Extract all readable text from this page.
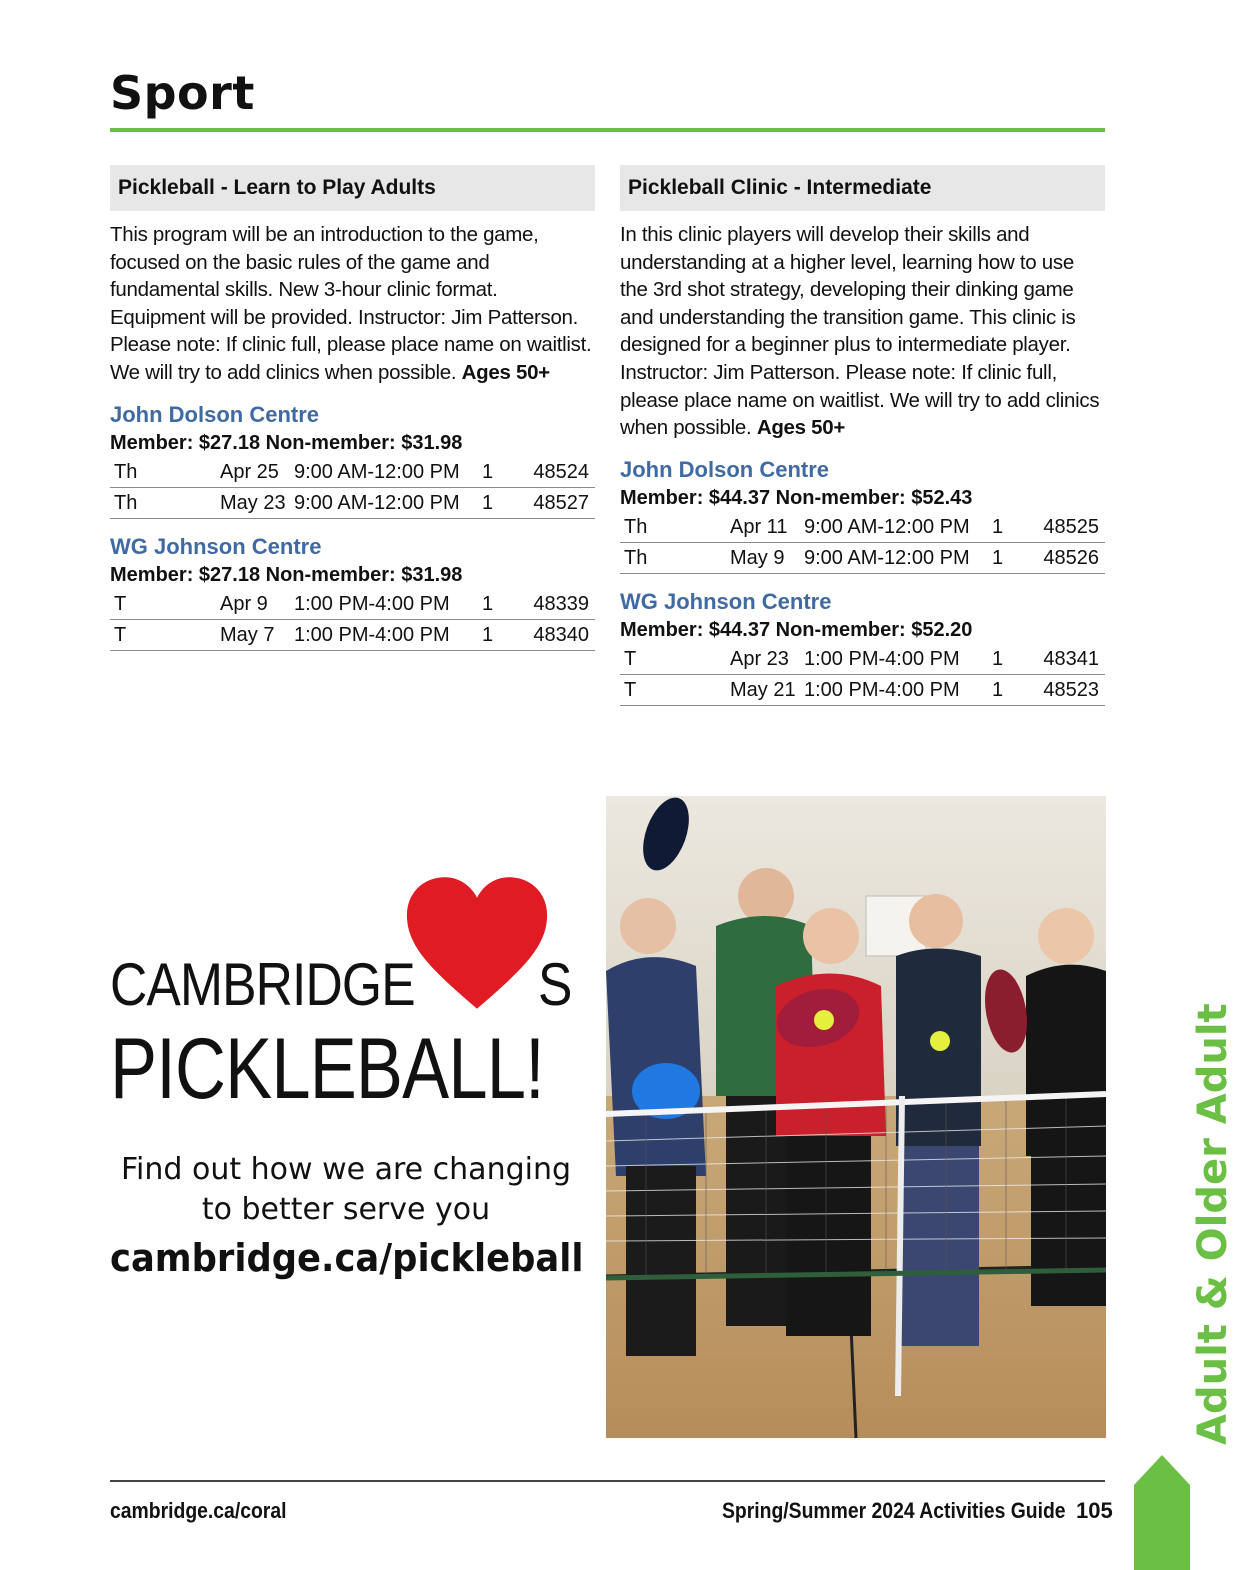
Sport
Pickleball - Learn to Play Adults
This program will be an introduction to the game, focused on the basic rules of the game and fundamental skills. New 3-hour clinic format. Equipment will be provided. Instructor: Jim Patterson. Please note: If clinic full, please place name on waitlist. We will try to add clinics when possible. Ages 50+
John Dolson Centre
Member: $27.18 Non-member: $31.98
Th	Apr 25	9:00 AM-12:00 PM	1	48524
Th	May 23	9:00 AM-12:00 PM	1	48527
WG Johnson Centre
Member: $27.18 Non-member: $31.98
T	Apr 9	1:00 PM-4:00 PM	1	48339
T	May 7	1:00 PM-4:00 PM	1	48340
Pickleball Clinic - Intermediate
In this clinic players will develop their skills and understanding at a higher level, learning how to use the 3rd shot strategy, developing their dinking game and understanding the transition game. This clinic is designed for a beginner plus to intermediate player. Instructor: Jim Patterson. Please note: If clinic full, please place name on waitlist. We will try to add clinics when possible. Ages 50+
John Dolson Centre
Member: $44.37 Non-member: $52.43
Th	Apr 11	9:00 AM-12:00 PM	1	48525
Th	May 9	9:00 AM-12:00 PM	1	48526
WG Johnson Centre
Member: $44.37 Non-member: $52.20
T	Apr 23	1:00 PM-4:00 PM	1	48341
T	May 21	1:00 PM-4:00 PM	1	48523
CAMBRIDGE S
PICKLEBALL!
Find out how we are changing
to better serve you
cambridge.ca/pickleball	Adult & Older Adult
cambridge.ca/coral	Spring/Summer 2024 Activities Guide 105
